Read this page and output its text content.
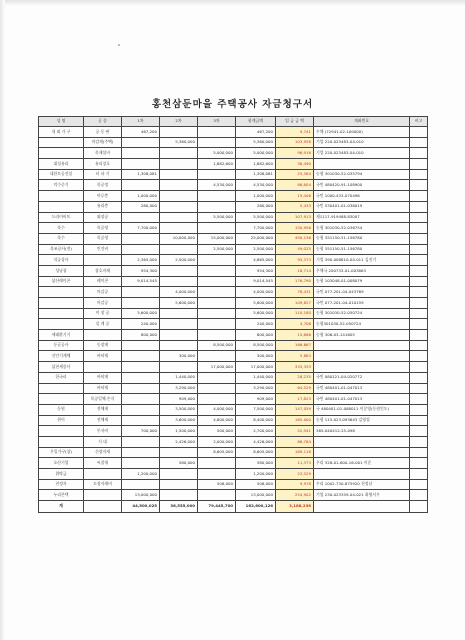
홍천삼둔마을 주택공사 자금청구서
성 명	공 종	1차	2차	3차	합계금액	입 금 금 액	계좌번호	비고
내 외 가 구	공 동 판	467,200			467,200	9,741	우체 (72941-02-100000)	
	마감재(주택)		5,360,000		5,360,000	103,958	기업 220-023483-04-010	
	목재설비			5,000,000	5,000,000	96,916	기업 220-023483-04-010	
대성유리	유리창호			1,882,600	1,882,600	36,490		
대한토공건설	터 파 기	1,308,081			1,308,081	25,364	농협 301030-52-035794	
덕수중기	목공정			4,530,000	4,530,000	86,804	국민 480420-91-108900	
	마루층	1,000,000			1,000,000	19,406	국민 1000-433-070496	
	유리층	280,000			280,000	5,433	국민 530401-01-036019	
드라이비트	외장공			5,500,000	5,500,000	107,913	제1117-919488-83007	
목수	목공정	7,700,000			7,700,000	150,956	농협 301030-52-036754	
목수	목공정		10,000,000	15,000,000	25,000,000	490,136	농협 351150-51-156780	
목조공사(전)	인건비			2,500,000	2,500,000	49,025	농협 351150-51-156780	
석공상사		2,365,000	2,500,000		4,865,000	95,373	기업 390-008810-04-011 김진기	
성남창	창호자재	954,300			954,300	18,714	우체국 200733-01-003863	
삼산레미콘	레미콘	9,014,545			9,014,545	176,790	농협 103048-01-008079	
	마감공		4,000,000		4,000,000	78,431	국민 077-201-04-043769	
	마감공		5,600,000		5,600,000	109,827	국민 077-201-04-010159	
	미 장 공	5,600,000			5,600,000	110,180	농협 301030-52-050724	
	설 계 공	240,000			240,000	4,706	농협301030-52-050724	
세태환기기		800,000			800,000	15,686	농협 306-03-141605	
동글공사	동장재			8,500,000	8,500,000	166,667		
신안기계체	바닥재		300,000		300,000	5,883		
삼천세종사				17,000,000	17,000,000	333,333		
한국피	바닥재		1,440,000		1,440,000	28,235	국민 080121-04-020772	
	바닥재		3,290,000		3,290,000	64,529	국민 480401-01-047013	
	목공일체 손식		909,000		909,000	17,823	국민 480401-01-047013	
동원	전체재		3,500,000	4,000,000	7,500,000	147,059	국 480401-01-088011 이문영(동원인도)	
현이	전체재		3,600,000	4,800,000	8,400,000	165,000	농협 115-023-093643 김영철	
	투자비	700,000	1,500,000	500,000	2,700,000	52,941	365-040412-25-098	
	식 대		2,426,000	2,000,000	4,426,000	86,784		
우일가구(창)	신장자재			8,605,000	8,605,000	169,118		
오산기업	씨잡재		580,000		580,000	11,373	우리 328-01-600-16-001 이준	
위탁금		1,200,000			1,200,000	23,529		
천정자	도장자재비			508,000	508,000	9,978	우리 1002-730-875920 천정남	
누리콘텍		13,000,000			13,000,000	254,902	기업 230-023359-04-021 최영서우	
계		44,500,025	38,555,000	79,445,700	162,600,126	3,188,236		
